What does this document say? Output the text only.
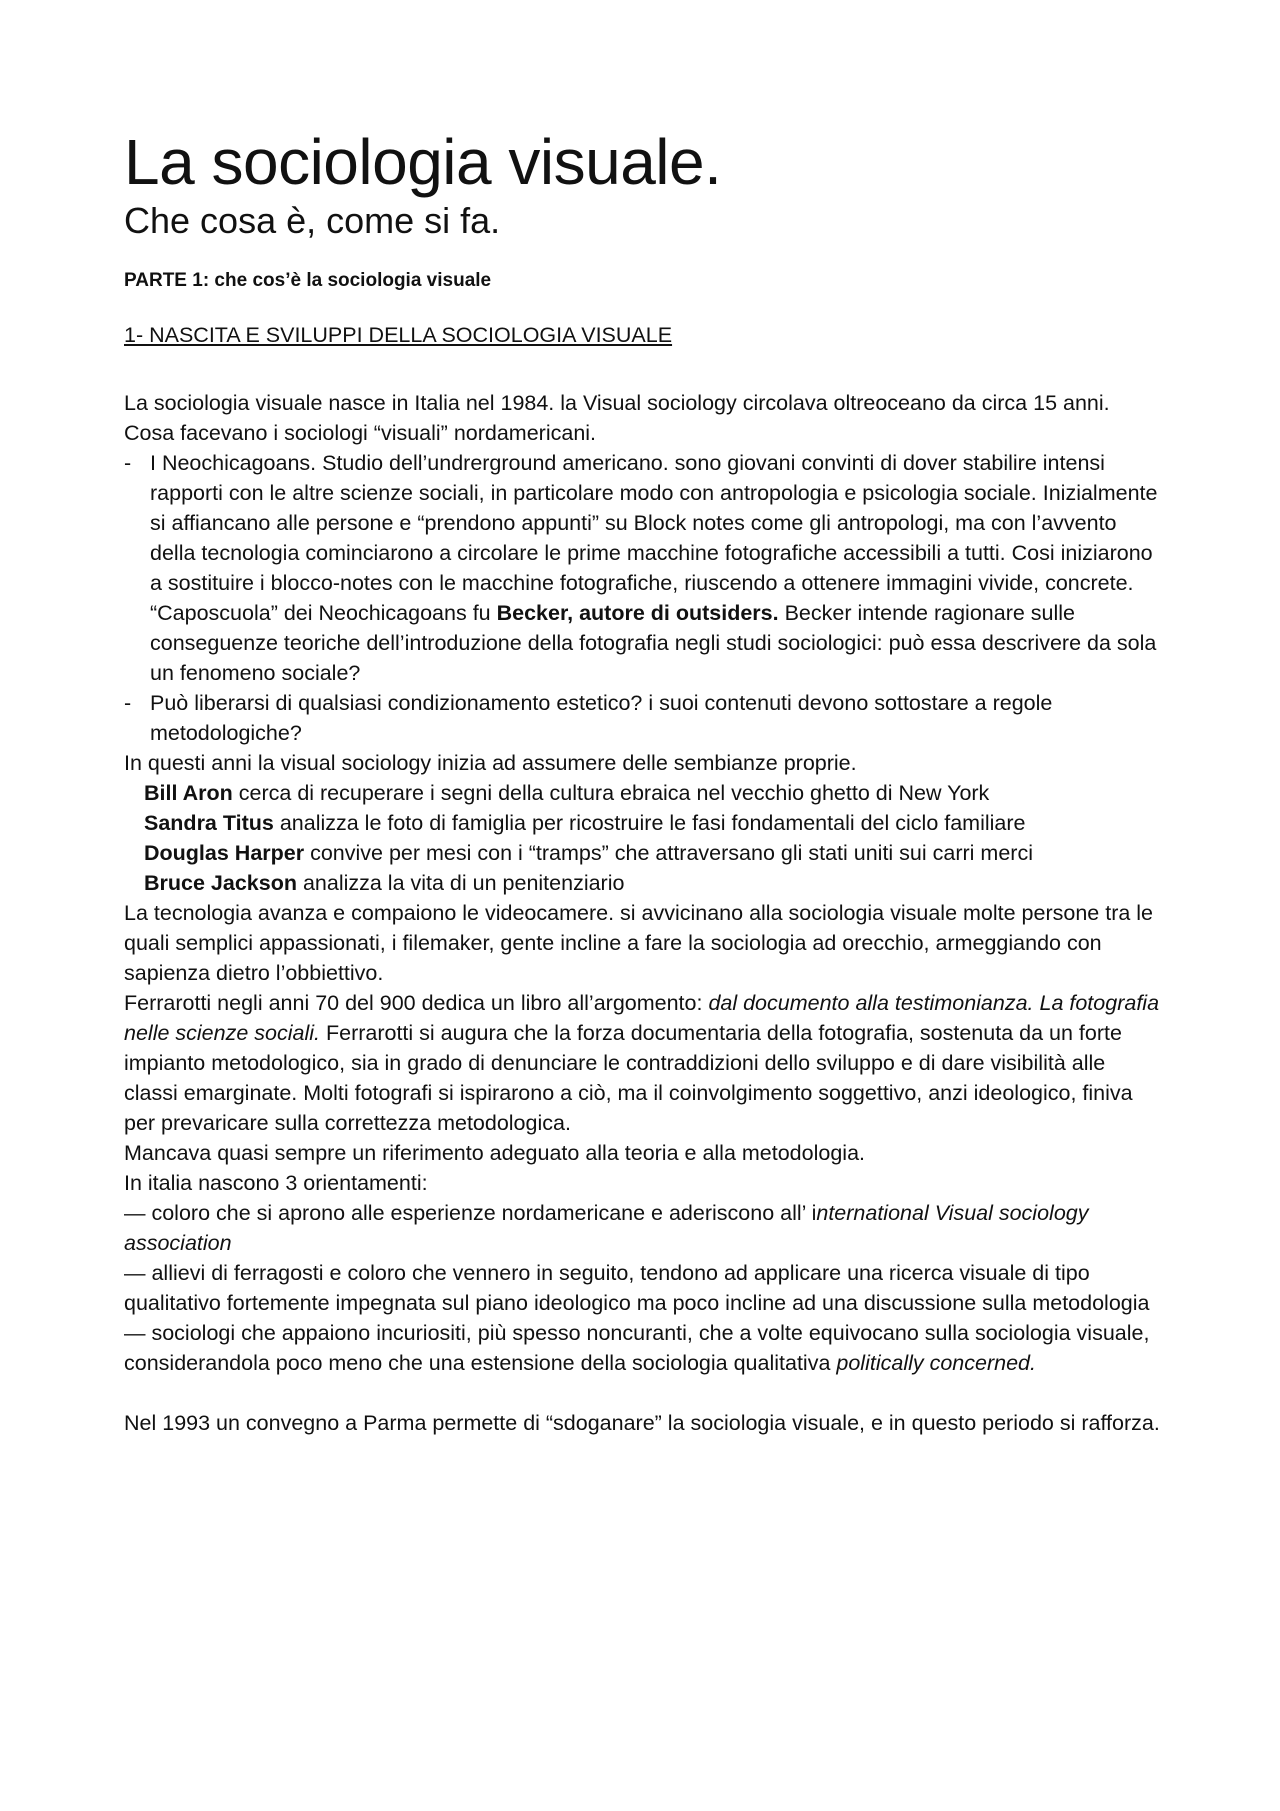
La sociologia visuale.
Che cosa è, come si fa.

PARTE 1: che cos’è la sociologia visuale

1- NASCITA E SVILUPPI DELLA SOCIOLOGIA VISUALE

La sociologia visuale nasce in Italia nel 1984. la Visual sociology circolava oltreoceano da circa 15 anni.

Cosa facevano i sociologi “visuali” nordamericani.

- I Neochicagoans. Studio dell’undrerground americano. sono giovani convinti di dover stabilire intensi rapporti con le altre scienze sociali, in particolare modo con antropologia e psicologia sociale. Inizialmente si affiancano alle persone e “prendono appunti” su Block notes come gli antropologi, ma con l’avvento della tecnologia cominciarono a circolare le prime macchine fotografiche accessibili a tutti. Cosi iniziarono a sostituire i blocco-notes con le macchine fotografiche, riuscendo a ottenere immagini vivide, concrete. “Caposcuola” dei Neochicagoans fu Becker, autore di outsiders. Becker intende ragionare sulle conseguenze teoriche dell’introduzione della fotografia negli studi sociologici: può essa descrivere da sola un fenomeno sociale?
- Può liberarsi di qualsiasi condizionamento estetico? i suoi contenuti devono sottostare a regole metodologiche?

In questi anni la visual sociology inizia ad assumere delle sembianze proprie.

Bill Aron cerca di recuperare i segni della cultura ebraica nel vecchio ghetto di New York

Sandra Titus analizza le foto di famiglia per ricostruire le fasi fondamentali del ciclo familiare

Douglas Harper convive per mesi con i “tramps” che attraversano gli stati uniti sui carri merci

Bruce Jackson analizza la vita di un penitenziario

La tecnologia avanza e compaiono le videocamere. si avvicinano alla sociologia visuale molte persone tra le quali semplici appassionati, i filemaker, gente incline a fare la sociologia ad orecchio, armeggiando con sapienza dietro l’obbiettivo.

Ferrarotti negli anni 70 del 900 dedica un libro all’argomento: dal documento alla testimonianza. La fotografia nelle scienze sociali. Ferrarotti si augura che la forza documentaria della fotografia, sostenuta da un forte impianto metodologico, sia in grado di denunciare le contraddizioni dello sviluppo e di dare visibilità alle classi emarginate. Molti fotografi si ispirarono a ciò, ma il coinvolgimento soggettivo, anzi ideologico, finiva per prevaricare sulla correttezza metodologica.

Mancava quasi sempre un riferimento adeguato alla teoria e alla metodologia.

In italia nascono 3 orientamenti:

— coloro che si aprono alle esperienze nordamericane e aderiscono all’ international Visual sociology association

— allievi di ferragosti e coloro che vennero in seguito, tendono ad applicare una ricerca visuale di tipo qualitativo fortemente impegnata sul piano ideologico ma poco incline ad una discussione sulla metodologia

— sociologi che appaiono incuriositi, più spesso noncuranti, che a volte equivocano sulla sociologia visuale, considerandola poco meno che una estensione della sociologia qualitativa politically concerned.

Nel 1993 un convegno a Parma permette di “sdoganare” la sociologia visuale, e in questo periodo si rafforza.
